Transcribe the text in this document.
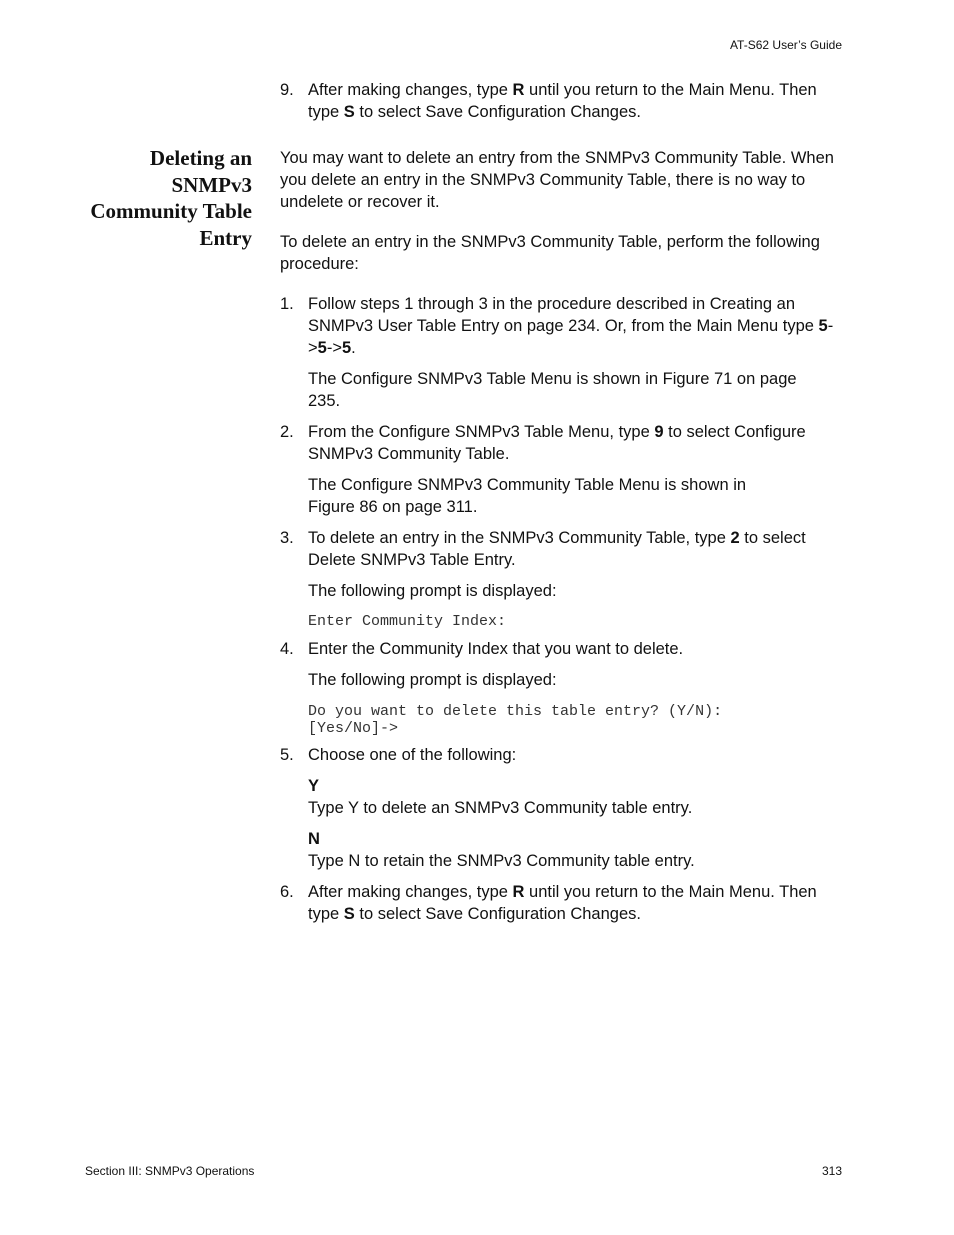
AT-S62 User’s Guide
9. After making changes, type R until you return to the Main Menu. Then type S to select Save Configuration Changes.
Deleting an SNMPv3 Community Table Entry

You may want to delete an entry from the SNMPv3 Community Table. When you delete an entry in the SNMPv3 Community Table, there is no way to undelete or recover it.

To delete an entry in the SNMPv3 Community Table, perform the following procedure:

1. Follow steps 1 through 3 in the procedure described in Creating an SNMPv3 User Table Entry on page 234. Or, from the Main Menu type 5->5->5.

The Configure SNMPv3 Table Menu is shown in Figure 71 on page 235.

2. From the Configure SNMPv3 Table Menu, type 9 to select Configure SNMPv3 Community Table.

The Configure SNMPv3 Community Table Menu is shown in Figure 86 on page 311.

3. To delete an entry in the SNMPv3 Community Table, type 2 to select Delete SNMPv3 Table Entry.

The following prompt is displayed:

Enter Community Index:
4. Enter the Community Index that you want to delete.

The following prompt is displayed:

Do you want to delete this table entry? (Y/N):
[Yes/No]->
5. Choose one of the following:

Y

Type Y to delete an SNMPv3 Community table entry.

N

Type N to retain the SNMPv3 Community table entry.

6. After making changes, type R until you return to the Main Menu. Then type S to select Save Configuration Changes.
Section III: SNMPv3 Operations	313
